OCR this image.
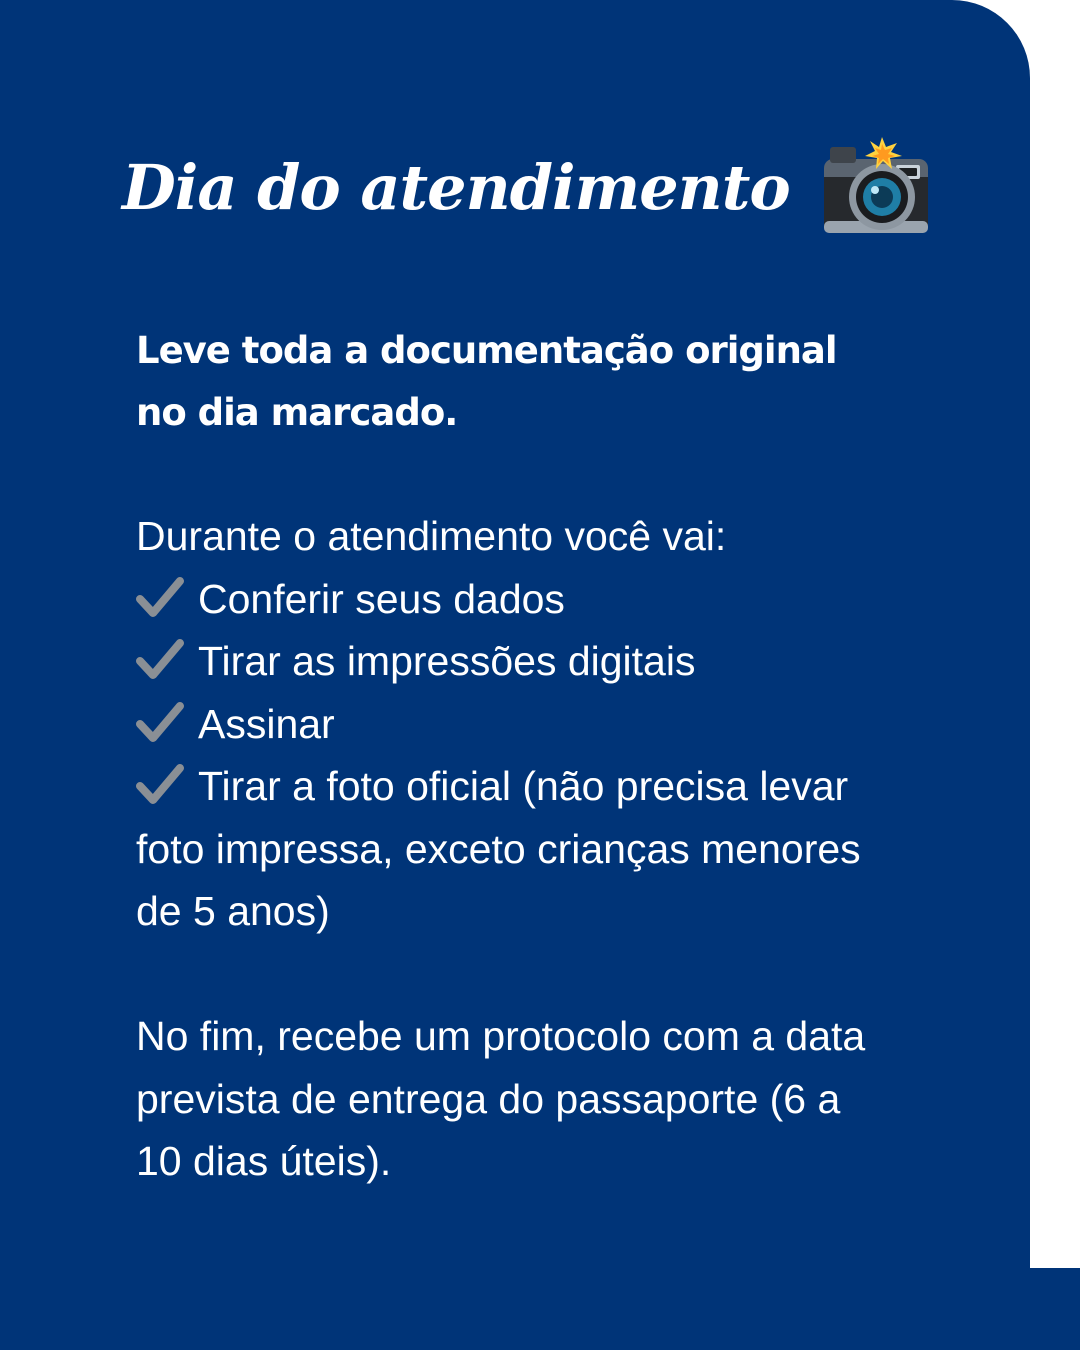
Dia do atendimento
Leve toda a documentação original
no dia marcado.
Durante o atendimento você vai:
Conferir seus dados
Tirar as impressões digitais
Assinar
Tirar a foto oficial (não precisa levar
foto impressa, exceto crianças menores
de 5 anos)
No fim, recebe um protocolo com a data
prevista de entrega do passaporte (6 a
10 dias úteis).
